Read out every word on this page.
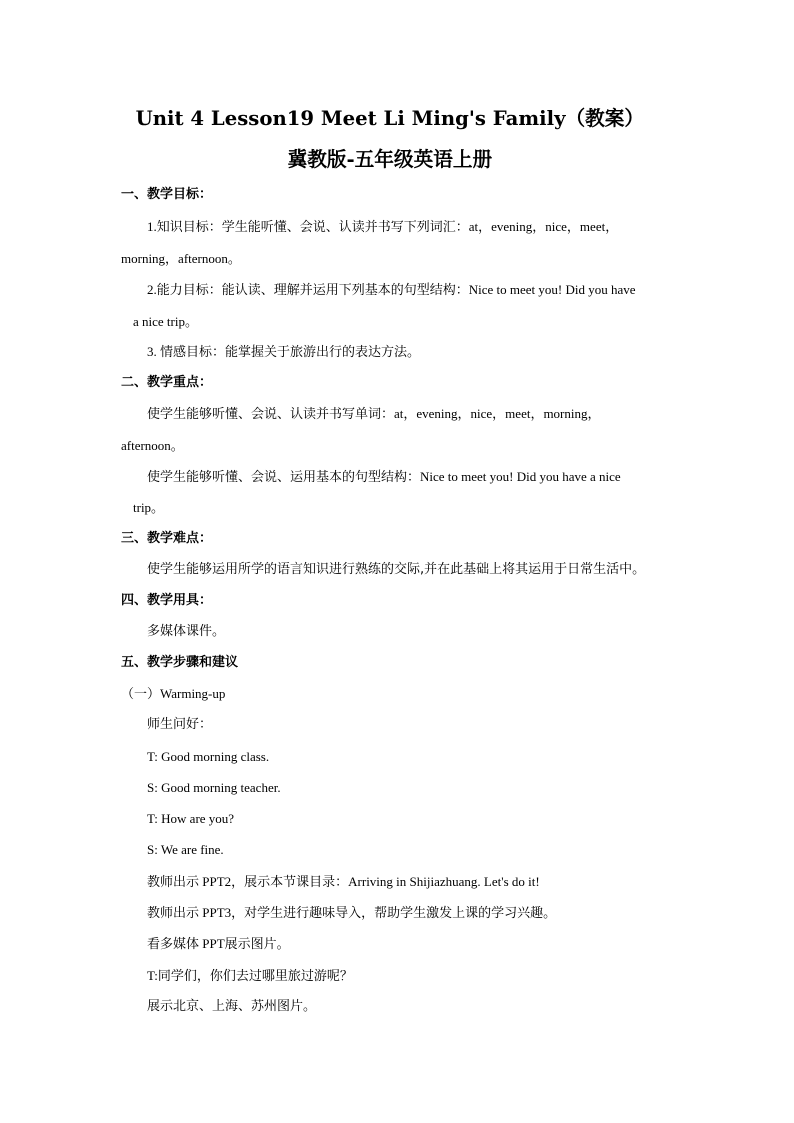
Unit 4 Lesson19 Meet Li Ming's Family（教案）
冀教版-五年级英语上册
一、教学目标：
1.知识目标：学生能听懂、会说、认读并书写下列词汇：at，evening，nice，meet，
morning，afternoon。
2.能力目标：能认读、理解并运用下列基本的句型结构：Nice to meet you! Did you have
a nice trip。
3. 情感目标：能掌握关于旅游出行的表达方法。
二、教学重点：
使学生能够听懂、会说、认读并书写单词：at，evening，nice，meet，morning，
afternoon。
使学生能够听懂、会说、运用基本的句型结构：Nice to meet you! Did you have a nice
trip。
三、教学难点：
使学生能够运用所学的语言知识进行熟练的交际,并在此基础上将其运用于日常生活中。
四、教学用具：
多媒体课件。
五、教学步骤和建议
（一）Warming-up
师生问好：
T: Good morning class.
S: Good morning teacher.
T: How are you?
S: We are fine.
教师出示 PPT2，展示本节课目录：Arriving in Shijiazhuang. Let's do it!
教师出示 PPT3，对学生进行趣味导入，帮助学生激发上课的学习兴趣。
看多媒体 PPT展示图片。
T:同学们，你们去过哪里旅过游呢？
展示北京、上海、苏州图片。
